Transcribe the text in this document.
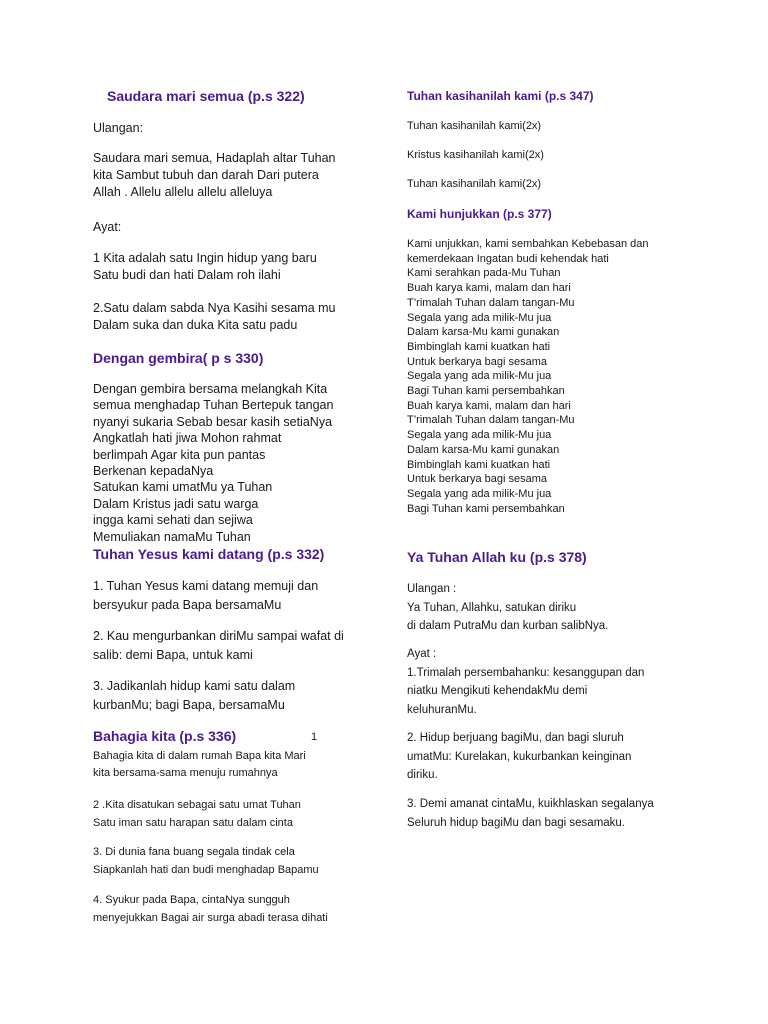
Saudara mari semua (p.s 322)
Ulangan:
Saudara mari semua, Hadaplah altar Tuhan
kita Sambut tubuh dan darah Dari putera
Allah . Allelu allelu allelu alleluya
Ayat:
1 Kita adalah satu Ingin hidup yang baru
Satu budi dan hati Dalam roh ilahi
2.Satu dalam sabda Nya Kasihi sesama mu
Dalam suka dan duka Kita satu padu
Dengan gembira( p s 330)
Dengan gembira bersama melangkah Kita
semua menghadap Tuhan Bertepuk tangan
nyanyi sukaria Sebab besar kasih setiaNya
Angkatlah hati jiwa Mohon rahmat
berlimpah Agar kita pun pantas
Berkenan kepadaNya
Satukan kami umatMu ya Tuhan
Dalam Kristus jadi satu warga
ingga kami sehati dan sejiwa
Memuliakan namaMu Tuhan
Tuhan Yesus kami datang (p.s 332)
1. Tuhan Yesus kami datang memuji dan
bersyukur pada Bapa bersamaMu
2. Kau mengurbankan diriMu sampai wafat di
salib: demi Bapa, untuk kami
3. Jadikanlah hidup kami satu dalam
kurbanMu; bagi Bapa, bersamaMu
Bahagia kita (p.s 336)	1
Bahagia kita di dalam rumah Bapa kita Mari
kita bersama-sama menuju rumahnya
2 .Kita disatukan sebagai satu umat Tuhan
Satu iman satu harapan satu dalam cinta
3. Di dunia fana buang segala tindak cela
Siapkanlah hati dan budi menghadap Bapamu
4. Syukur pada Bapa, cintaNya sungguh
menyejukkan Bagai air surga abadi terasa dihati
Tuhan kasihanilah kami (p.s 347)
Tuhan kasihanilah kami(2x)
Kristus kasihanilah kami(2x)
Tuhan kasihanilah kami(2x)
Kami hunjukkan (p.s 377)
Kami unjukkan, kami sembahkan Kebebasan dan
kemerdekaan Ingatan budi kehendak hati
Kami serahkan pada-Mu Tuhan
Buah karya kami, malam dan hari
T’rimalah Tuhan dalam tangan-Mu
Segala yang ada milik-Mu jua
Dalam karsa-Mu kami gunakan
Bimbinglah kami kuatkan hati
Untuk berkarya bagi sesama
Segala yang ada milik-Mu jua
Bagi Tuhan kami persembahkan
Buah karya kami, malam dan hari
T’rimalah Tuhan dalam tangan-Mu
Segala yang ada milik-Mu jua
Dalam karsa-Mu kami gunakan
Bimbinglah kami kuatkan hati
Untuk berkarya bagi sesama
Segala yang ada milik-Mu jua
Bagi Tuhan kami persembahkan
Ya Tuhan Allah ku (p.s 378)
Ulangan :
Ya Tuhan, Allahku, satukan diriku
di dalam PutraMu dan kurban salibNya.
Ayat :
1.Trimalah persembahanku: kesanggupan dan
niatku Mengikuti kehendakMu demi
keluhuranMu.
2. Hidup berjuang bagiMu, dan bagi sluruh
umatMu: Kurelakan, kukurbankan keinginan
diriku.
3. Demi amanat cintaMu, kuikhlaskan segalanya
Seluruh hidup bagiMu dan bagi sesamaku.
